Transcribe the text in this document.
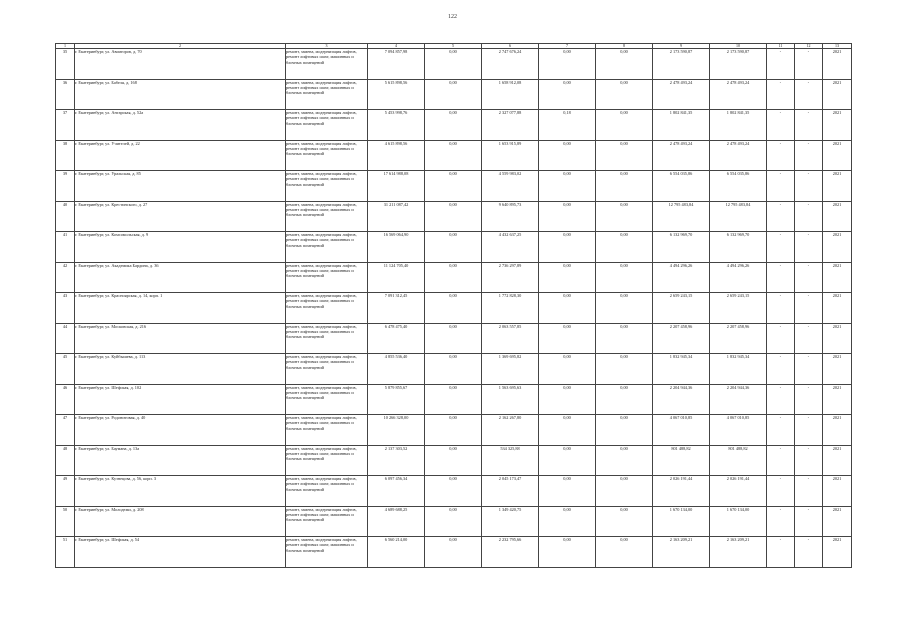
122
1	2	3	4	5	6	7	8	9	10	11	12	13
35	г. Екатеринбург, ул. Авиаторов, д. 70	ремонт, замена, модернизация лифтов, ремонт лифтовых шахт, машинных и блочных помещений	7 094 857,98	0,00	2 747 676,24	0,00	0,00	2 173 590,87	2 173 590,87	-	-	2021
36	г. Екатеринбург, ул. Бабеля, д. 168	ремонт, замена, модернизация лифтов, ремонт лифтовых шахт, машинных и блочных помещений	5 615 898,56	0,00	1 658 912,08	0,00	0,00	2 478 493,24	2 478 493,24	-	-	2021
37	г. Екатеринбург, ул. Ангарская, д. 52а	ремонт, замена, модернизация лифтов, ремонт лифтовых шахт, машинных и блочных помещений	5 453 998,76	0,00	2 327 077,88	0,18	0,00	1 802 841,35	1 802 841,35	-	-	2021
38	г. Екатеринбург, ул. Учителей, д. 22	ремонт, замена, модернизация лифтов, ремонт лифтовых шахт, машинных и блочных помещений	4 615 898,56	0,00	1 653 915,89	0,00	0,00	2 478 493,24	2 478 493,24	-	-	2021
39	г. Екатеринбург, ул. Уральская, д. 85	ремонт, замена, модернизация лифтов, ремонт лифтовых шахт, машинных и блочных помещений	17 614 988,08	0,00	4 559 983,02	0,00	0,00	6 554 035,86	6 554 035,86	-	-	2021
40	г. Екатеринбург, ул. Крестинского, д. 27	ремонт, замена, модернизация лифтов, ремонт лифтовых шахт, машинных и блочных помещений	31 211 087,42	0,00	9 640 895,73	0,00	0,00	12 795 483,84	12 795 483,84	-	-	2021
41	г. Екатеринбург, ул. Комсомольская, д. 9	ремонт, замена, модернизация лифтов, ремонт лифтовых шахт, машинных и блочных помещений	16 569 064,90	0,00	4 432 637,25	0,00	0,00	6 132 969,70	6 132 969,70	-	-	2021
42	г. Екатеринбург, ул. Академика Бардина, д. 36	ремонт, замена, модернизация лифтов, ремонт лифтовых шахт, машинных и блочных помещений	11 124 705,40	0,00	2 736 297,89	0,00	0,00	4 494 296,26	4 494 296,26	-	-	2021
43	г. Екатеринбург, ул. Красноярская, д. 14, корп. 1	ремонт, замена, модернизация лифтов, ремонт лифтовых шахт, машинных и блочных помещений	7 091 312,45	0,00	1 772 828,30	0,00	0,00	2 659 243,15	2 659 243,15	-	-	2021
44	г. Екатеринбург, ул. Московская, д. 216	ремонт, замена, модернизация лифтов, ремонт лифтовых шахт, машинных и блочных помещений	6 478 475,40	0,00	2 063 557,85	0,00	0,00	2 207 458,96	2 207 458,96	-	-	2021
45	г. Екатеринбург, ул. Куйбышева, д. 113	ремонт, замена, модернизация лифтов, ремонт лифтовых шахт, машинных и блочных помещений	4 855 536,40	0,00	1 369 695,82	0,00	0,00	1 832 945,34	1 832 945,34	-	-	2021
46	г. Екатеринбург, ул. Шефская, д. 102	ремонт, замена, модернизация лифтов, ремонт лифтовых шахт, машинных и блочных помещений	5 879 855,67	0,00	1 563 695,63	0,00	0,00	2 204 944,36	2 204 944,36	-	-	2021
47	г. Екатеринбург, ул. Родонитовая, д. 40	ремонт, замена, модернизация лифтов, ремонт лифтовых шахт, машинных и блочных помещений	10 266 328,00	0,00	2 162 267,80	0,00	0,00	4 067 010,85	4 067 010,85	-	-	2021
48	г. Екатеринбург, ул. Баумана, д. 13а	ремонт, замена, модернизация лифтов, ремонт лифтовых шахт, машинных и блочных помещений	2 137 303,52	0,00	534 325,88	0,00	0,00	801 488,82	801 488,82	-	-	2021
49	г. Екатеринбург, ул. Кузнецова, д. 56, корп. 3	ремонт, замена, модернизация лифтов, ремонт лифтовых шахт, машинных и блочных помещений	6 097 456,34	0,00	2 045 173,47	0,00	0,00	2 026 191,44	2 026 191,44	-	-	2021
50	г. Екатеринбург, ул. Молодежи, д. 208	ремонт, замена, модернизация лифтов, ремонт лифтовых шахт, машинных и блочных помещений	4 689 688,25	0,00	1 349 420,75	0,00	0,00	1 670 134,00	1 670 134,00	-	-	2021
51	г. Екатеринбург, ул. Шефская, д. 54	ремонт, замена, модернизация лифтов, ремонт лифтовых шахт, машинных и блочных помещений	6 560 214,00	0,00	2 232 795,66	0,00	0,00	2 163 209,21	2 163 209,21	-	-	2021
